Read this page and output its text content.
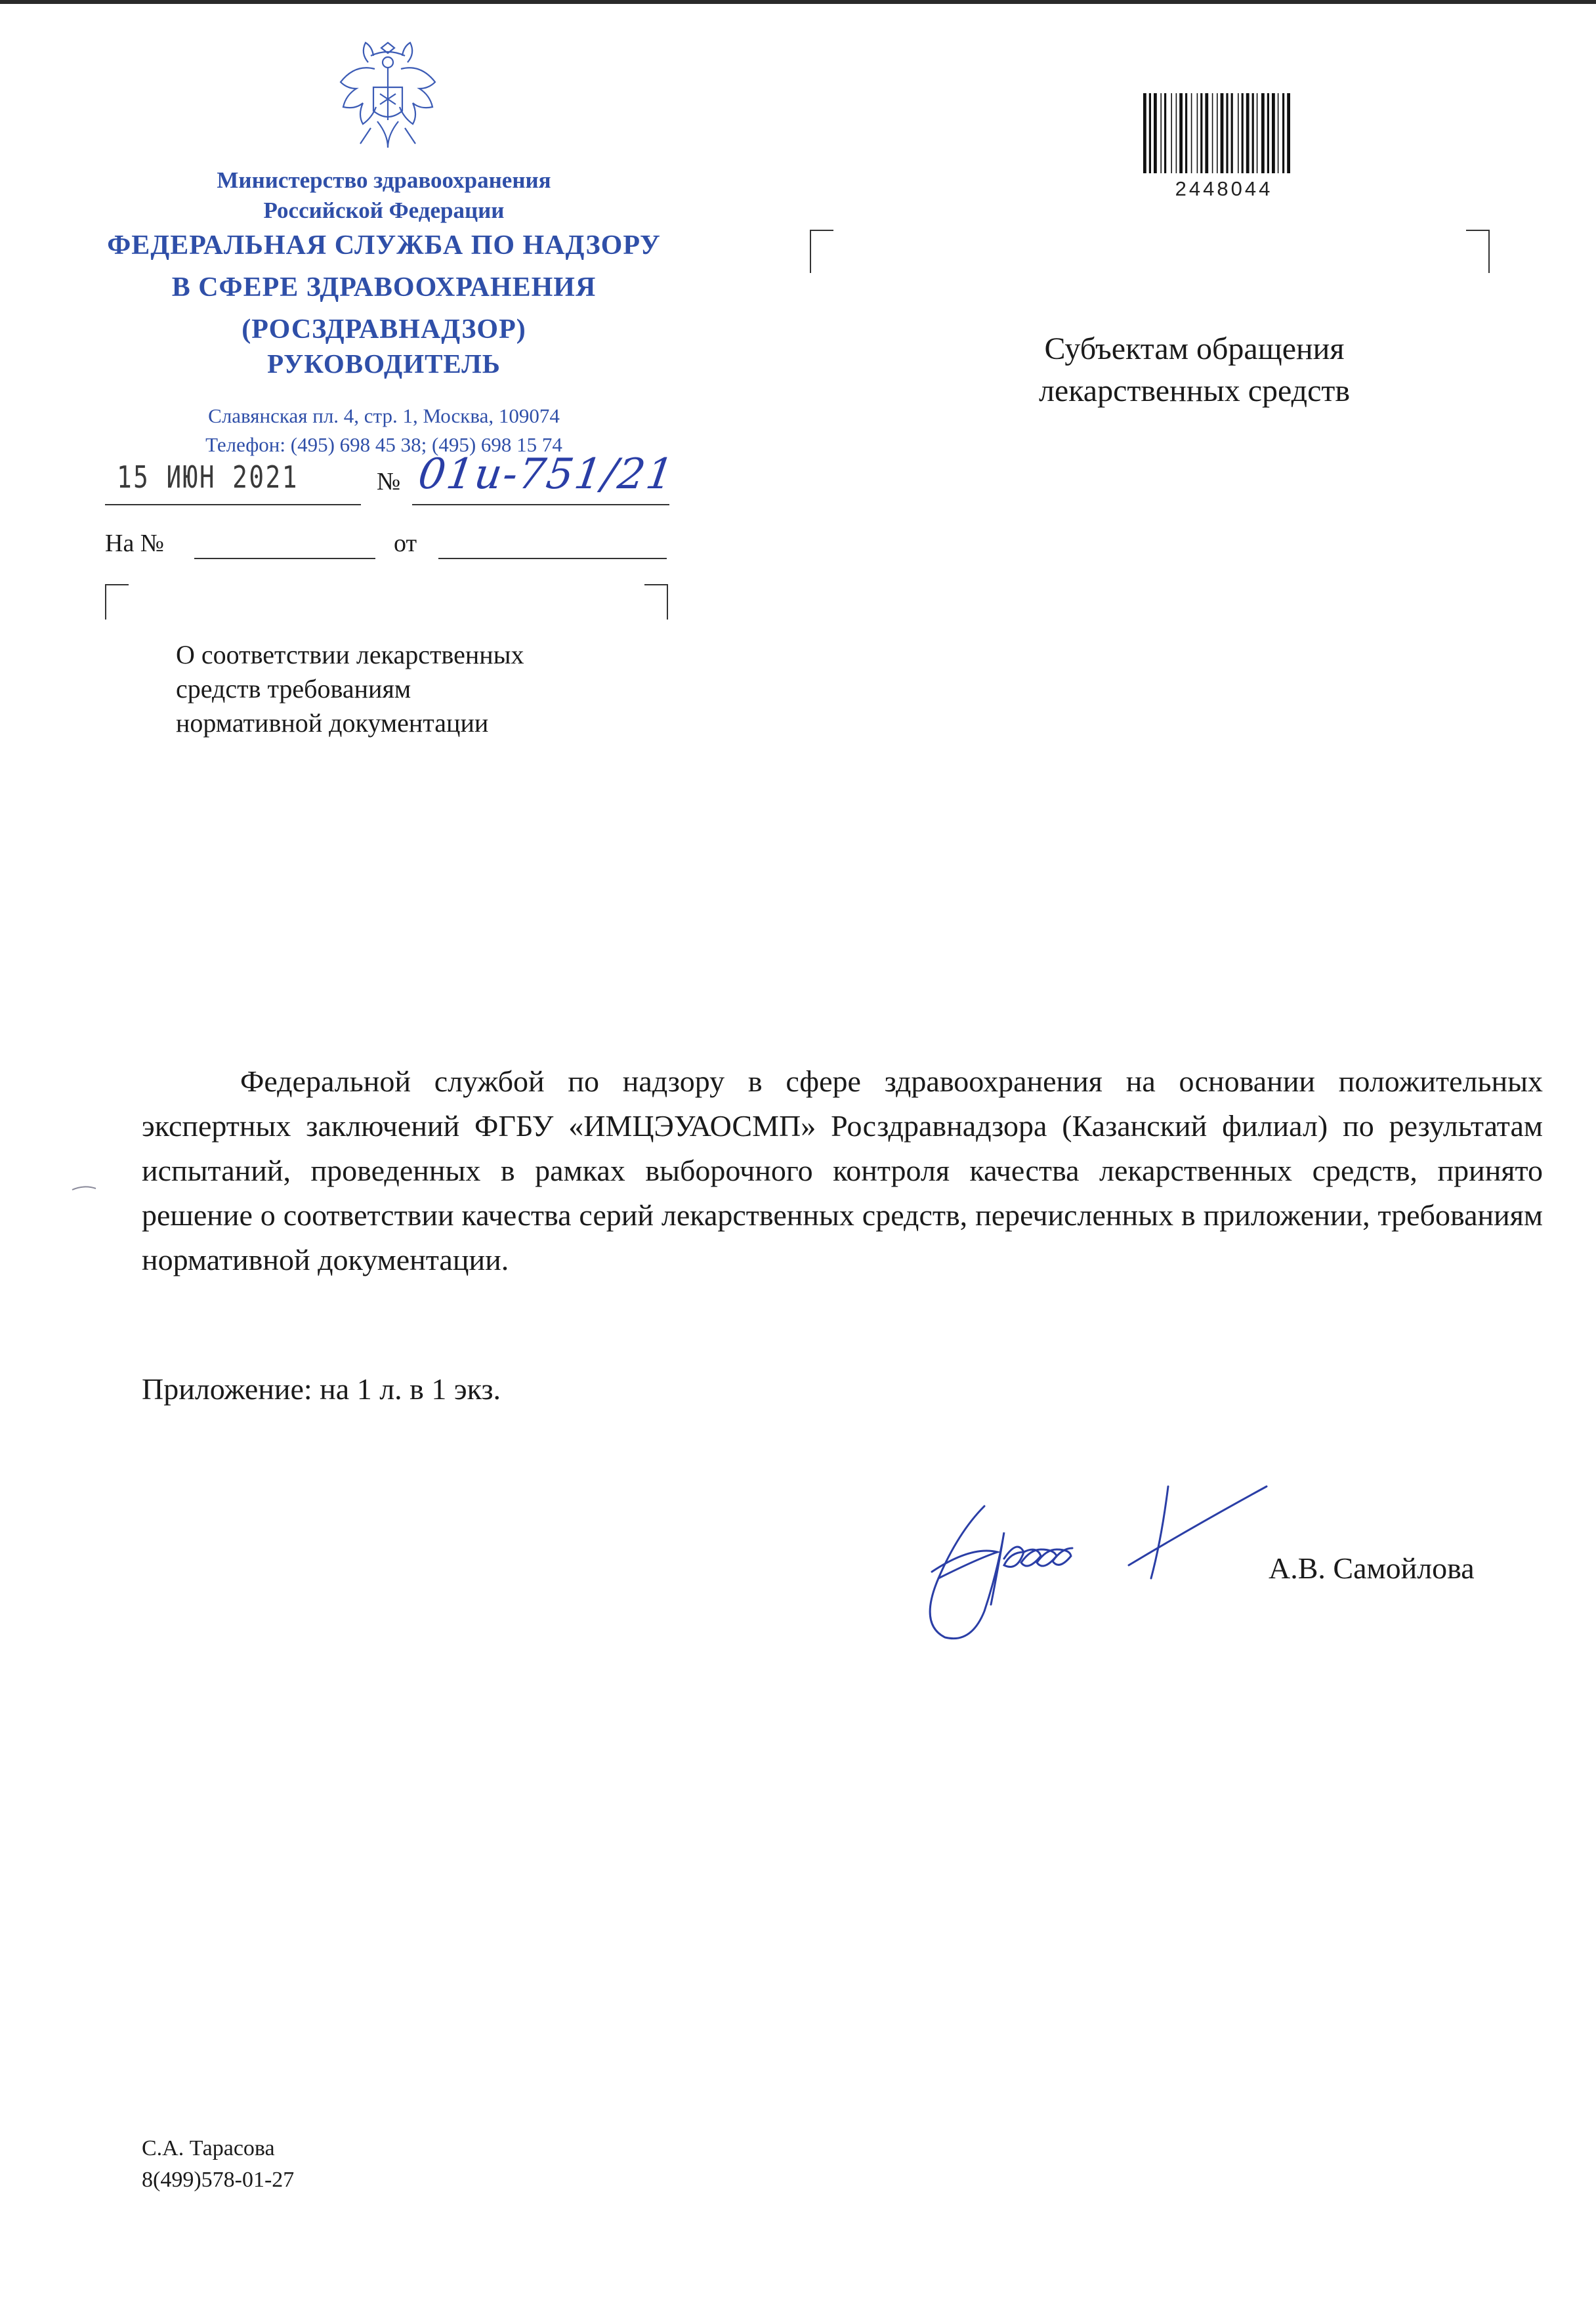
Министерство здравоохранения
Российской Федерации
ФЕДЕРАЛЬНАЯ СЛУЖБА ПО НАДЗОРУ
В СФЕРЕ ЗДРАВООХРАНЕНИЯ
(РОСЗДРАВНАДЗОР)
РУКОВОДИТЕЛЬ
Славянская пл. 4, стр. 1, Москва, 109074
Телефон: (495) 698 45 38; (495) 698 15 74
15 ИЮН 2021	№ 01и-751/21
На №	от
О соответствии лекарственных
средств требованиям
нормативной документации
2448044
Субъектам обращения
лекарственных средств
Федеральной службой по надзору в сфере здравоохранения на основании положительных экспертных заключений ФГБУ «ИМЦЭУАОСМП» Росздравнадзора (Казанский филиал) по результатам испытаний, проведенных в рамках выборочного контроля качества лекарственных средств, принято решение о соответствии качества серий лекарственных средств, перечисленных в приложении, требованиям нормативной документации.
Приложение: на 1 л. в 1 экз.
А.В. Самойлова
С.А. Тарасова
8(499)578-01-27
